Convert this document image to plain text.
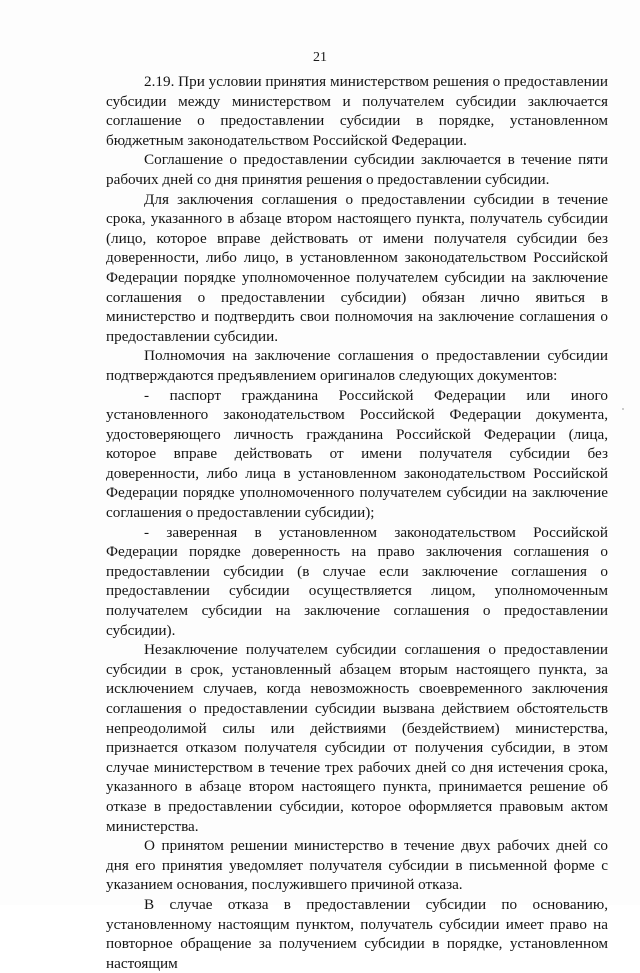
21

2.19. При условии принятия министерством решения о предоставлении субсидии между министерством и получателем субсидии заключается соглашение о предоставлении субсидии в порядке, установленном бюджетным законодательством Российской Федерации.

Соглашение о предоставлении субсидии заключается в течение пяти рабочих дней со дня принятия решения о предоставлении субсидии.

Для заключения соглашения о предоставлении субсидии в течение срока, указанного в абзаце втором настоящего пункта, получатель субсидии (лицо, которое вправе действовать от имени получателя субсидии без доверенности, либо лицо, в установленном законодательством Российской Федерации порядке уполномоченное получателем субсидии на заключение соглашения о предоставлении субсидии) обязан лично явиться в министерство и подтвердить свои полномочия на заключение соглашения о предоставлении субсидии.

Полномочия на заключение соглашения о предоставлении субсидии подтверждаются предъявлением оригиналов следующих документов:

- паспорт гражданина Российской Федерации или иного установленного законодательством Российской Федерации документа, удостоверяющего личность гражданина Российской Федерации (лица, которое вправе действовать от имени получателя субсидии без доверенности, либо лица в установленном законодательством Российской Федерации порядке уполномоченного получателем субсидии на заключение соглашения о предоставлении субсидии);

- заверенная в установленном законодательством Российской Федерации порядке доверенность на право заключения соглашения о предоставлении субсидии (в случае если заключение соглашения о предоставлении субсидии осуществляется лицом, уполномоченным получателем субсидии на заключение соглашения о предоставлении субсидии).

Незаключение получателем субсидии соглашения о предоставлении субсидии в срок, установленный абзацем вторым настоящего пункта, за исключением случаев, когда невозможность своевременного заключения соглашения о предоставлении субсидии вызвана действием обстоятельств непреодолимой силы или действиями (бездействием) министерства, признается отказом получателя субсидии от получения субсидии, в этом случае министерством в течение трех рабочих дней со дня истечения срока, указанного в абзаце втором настоящего пункта, принимается решение об отказе в предоставлении субсидии, которое оформляется правовым актом министерства.

О принятом решении министерство в течение двух рабочих дней со дня его принятия уведомляет получателя субсидии в письменной форме с указанием основания, послужившего причиной отказа.

В случае отказа в предоставлении субсидии по основанию, установленному настоящим пунктом, получатель субсидии имеет право на повторное обращение за получением субсидии в порядке, установленном настоящим
